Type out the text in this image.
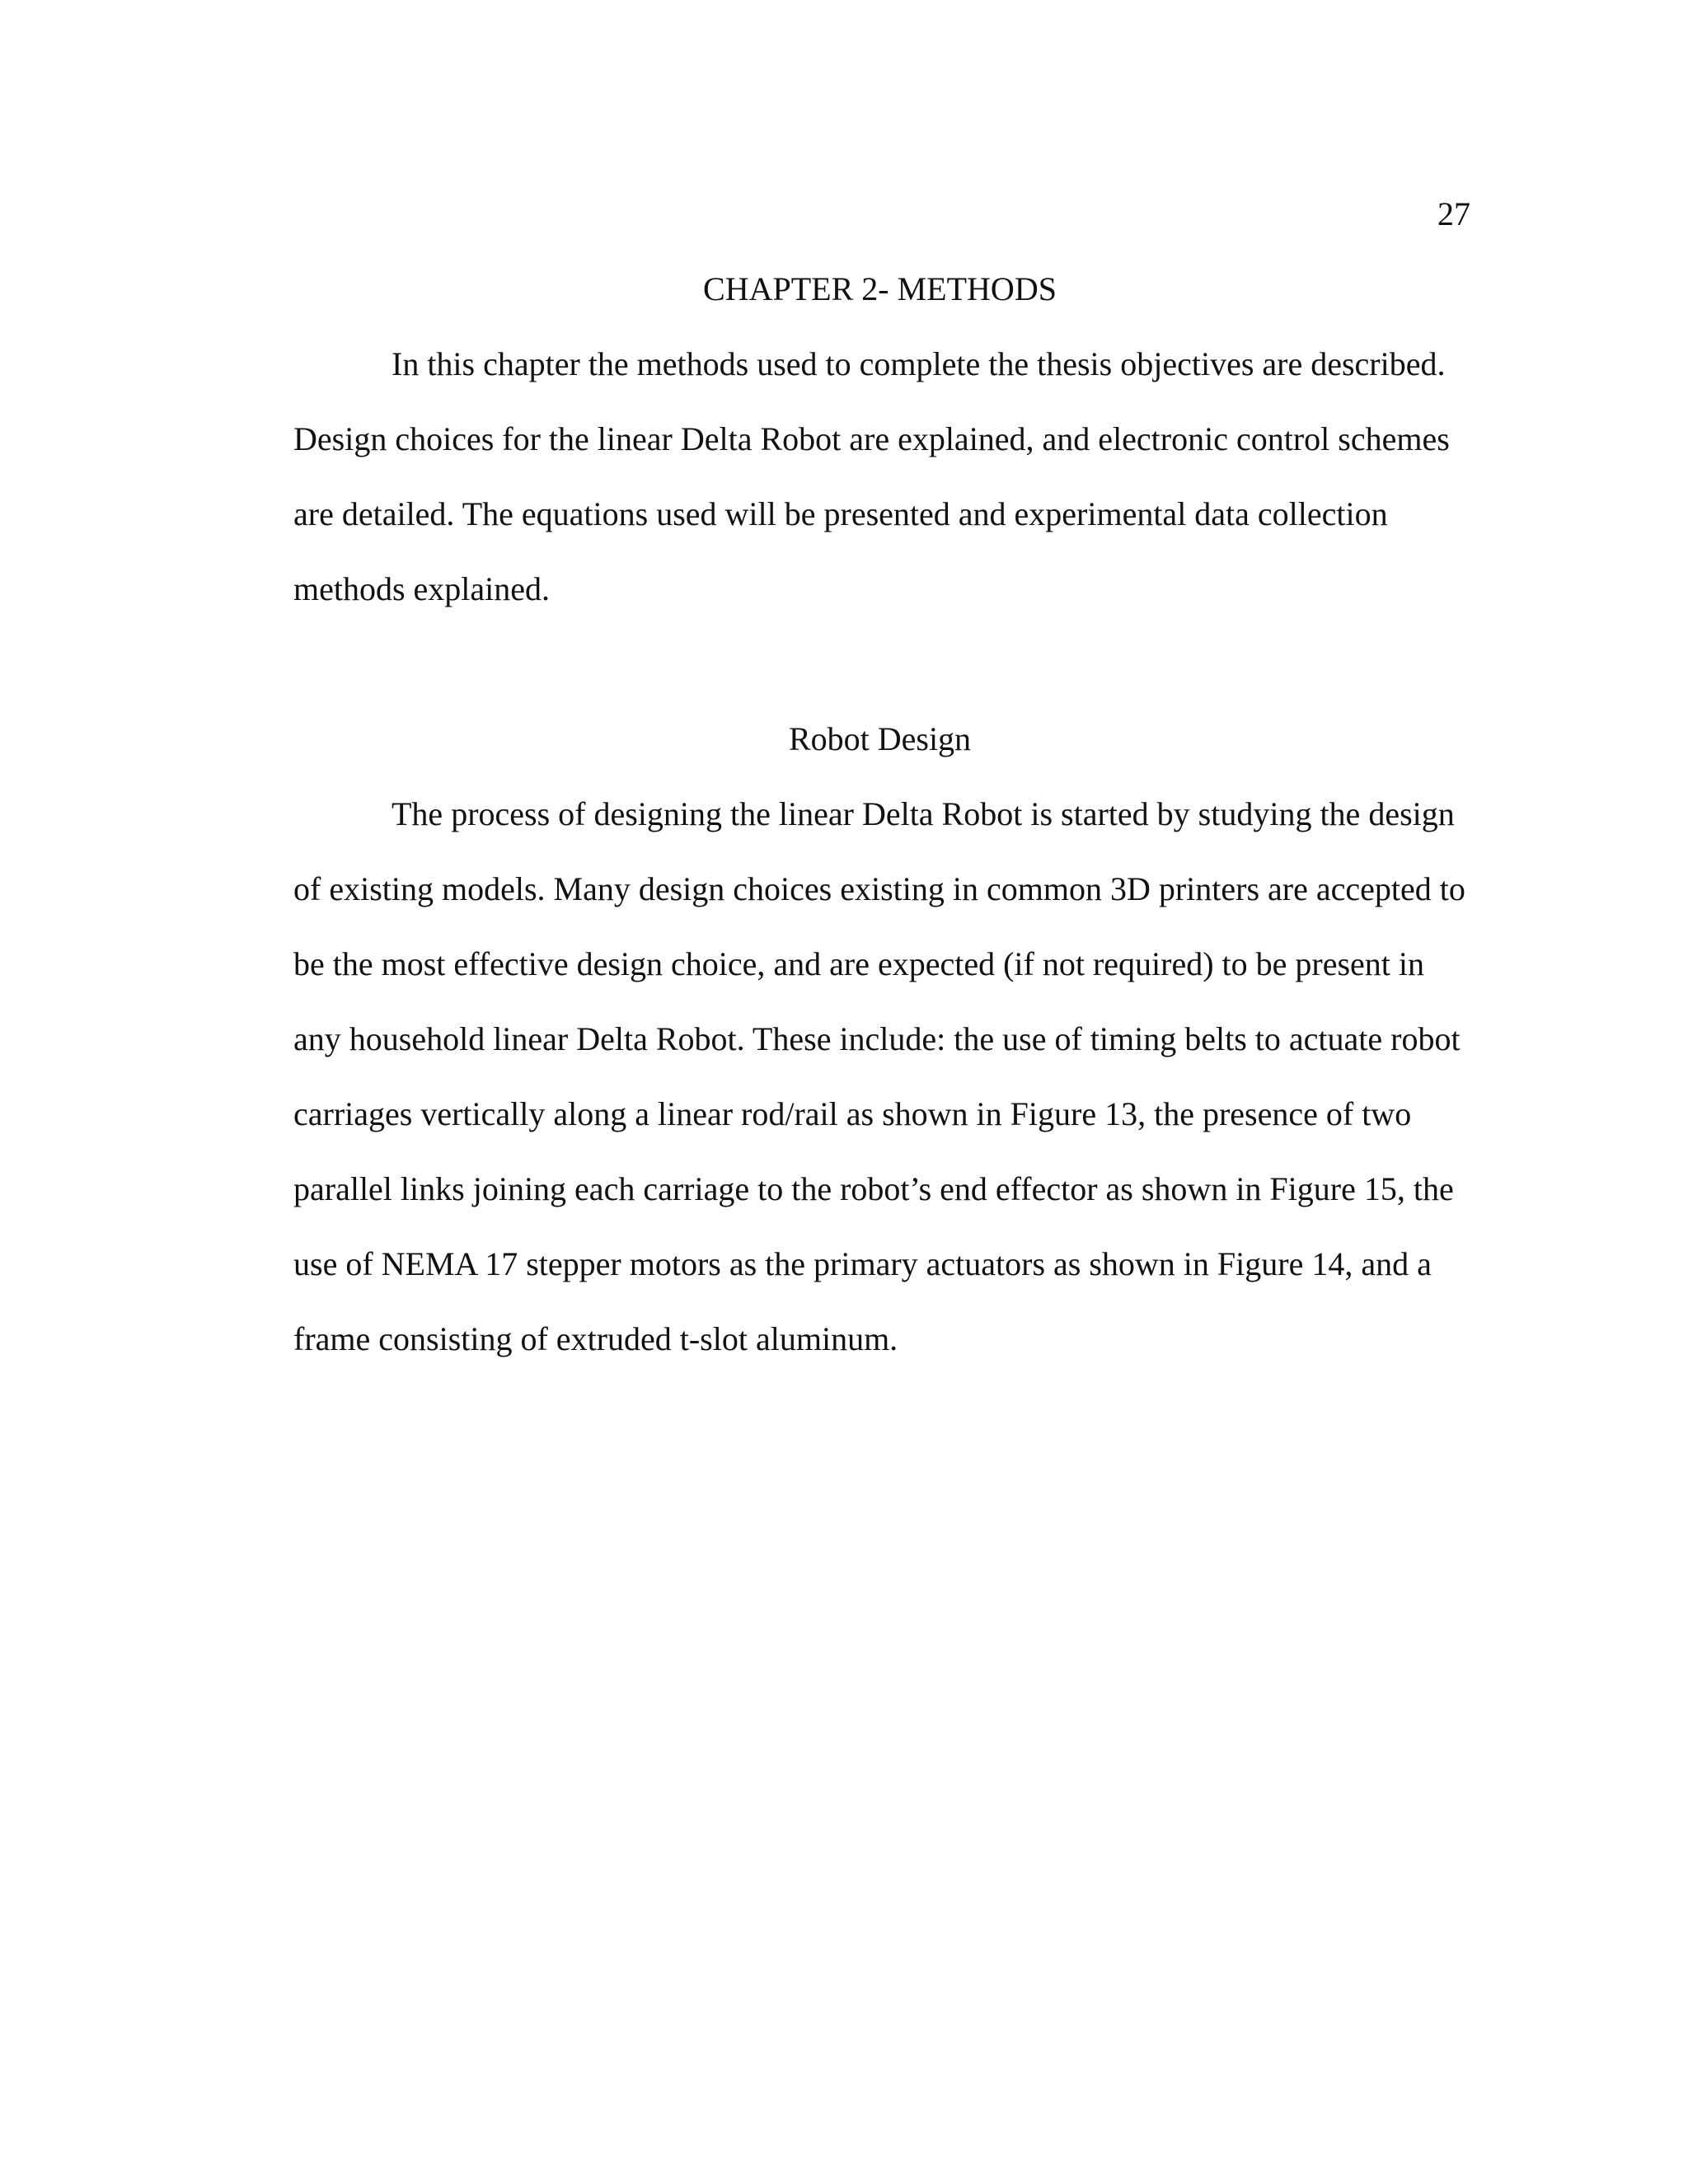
27
CHAPTER 2- METHODS
In this chapter the methods used to complete the thesis objectives are described.
Design choices for the linear Delta Robot are explained, and electronic control schemes
are detailed. The equations used will be presented and experimental data collection
methods explained.
Robot Design
The process of designing the linear Delta Robot is started by studying the design
of existing models. Many design choices existing in common 3D printers are accepted to
be the most effective design choice, and are expected (if not required) to be present in
any household linear Delta Robot. These include: the use of timing belts to actuate robot
carriages vertically along a linear rod/rail as shown in Figure 13, the presence of two
parallel links joining each carriage to the robot’s end effector as shown in Figure 15, the
use of NEMA 17 stepper motors as the primary actuators as shown in Figure 14, and a
frame consisting of extruded t-slot aluminum.
